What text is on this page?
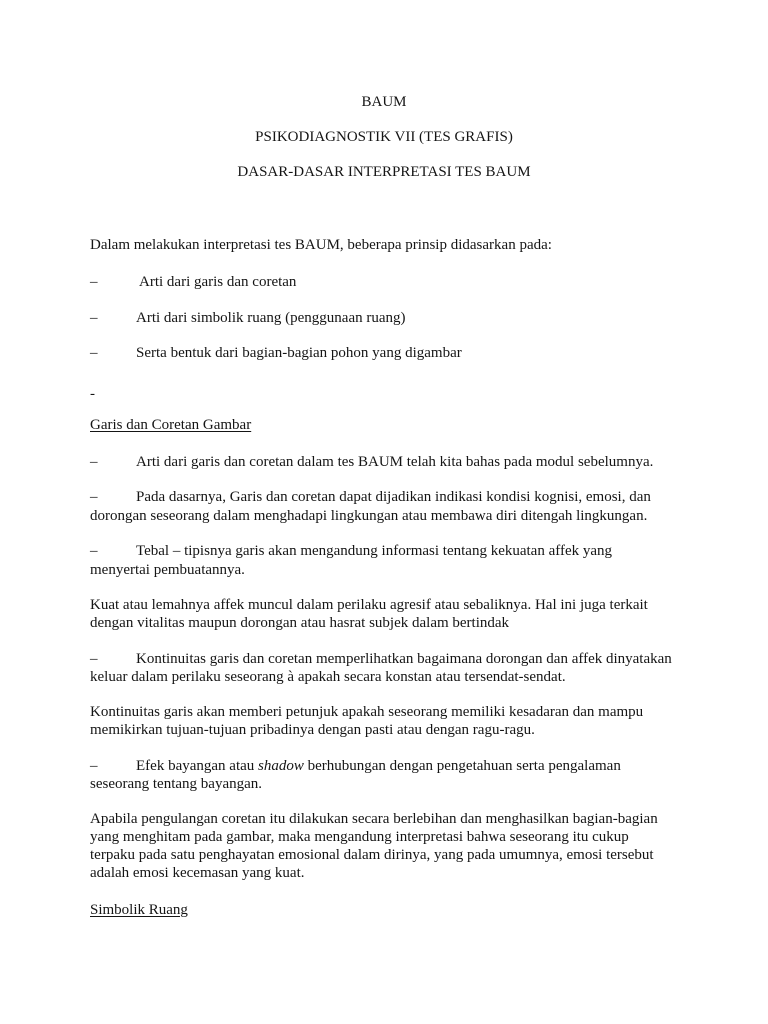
BAUM
PSIKODIAGNOSTIK VII (TES GRAFIS)
DASAR-DASAR INTERPRETASI TES BAUM
Dalam melakukan interpretasi tes BAUM, beberapa prinsip didasarkan pada:
–	Arti dari garis dan coretan
–	Arti dari simbolik ruang (penggunaan ruang)
–	Serta bentuk dari bagian-bagian pohon yang digambar
-
Garis dan Coretan Gambar
–	Arti dari garis dan coretan dalam tes BAUM telah kita bahas pada modul sebelumnya.
–	Pada dasarnya, Garis dan coretan dapat dijadikan indikasi kondisi kognisi, emosi, dan
dorongan seseorang dalam menghadapi lingkungan atau membawa diri ditengah lingkungan.
–	Tebal – tipisnya garis akan mengandung informasi tentang kekuatan affek yang
menyertai pembuatannya.
Kuat atau lemahnya affek muncul dalam perilaku agresif atau sebaliknya. Hal ini juga terkait
dengan vitalitas maupun dorongan atau hasrat subjek dalam bertindak
–	Kontinuitas garis dan coretan memperlihatkan bagaimana dorongan dan affek dinyatakan
keluar dalam perilaku seseorang à apakah secara konstan atau tersendat-sendat.
Kontinuitas garis akan memberi petunjuk apakah seseorang memiliki kesadaran dan mampu
memikirkan tujuan-tujuan pribadinya dengan pasti atau dengan ragu-ragu.
–	Efek bayangan atau shadow berhubungan dengan pengetahuan serta pengalaman
seseorang tentang bayangan.
Apabila pengulangan coretan itu dilakukan secara berlebihan dan menghasilkan bagian-bagian
yang menghitam pada gambar, maka mengandung interpretasi bahwa seseorang itu cukup
terpaku pada satu penghayatan emosional dalam dirinya, yang pada umumnya, emosi tersebut
adalah emosi kecemasan yang kuat.
Simbolik Ruang
